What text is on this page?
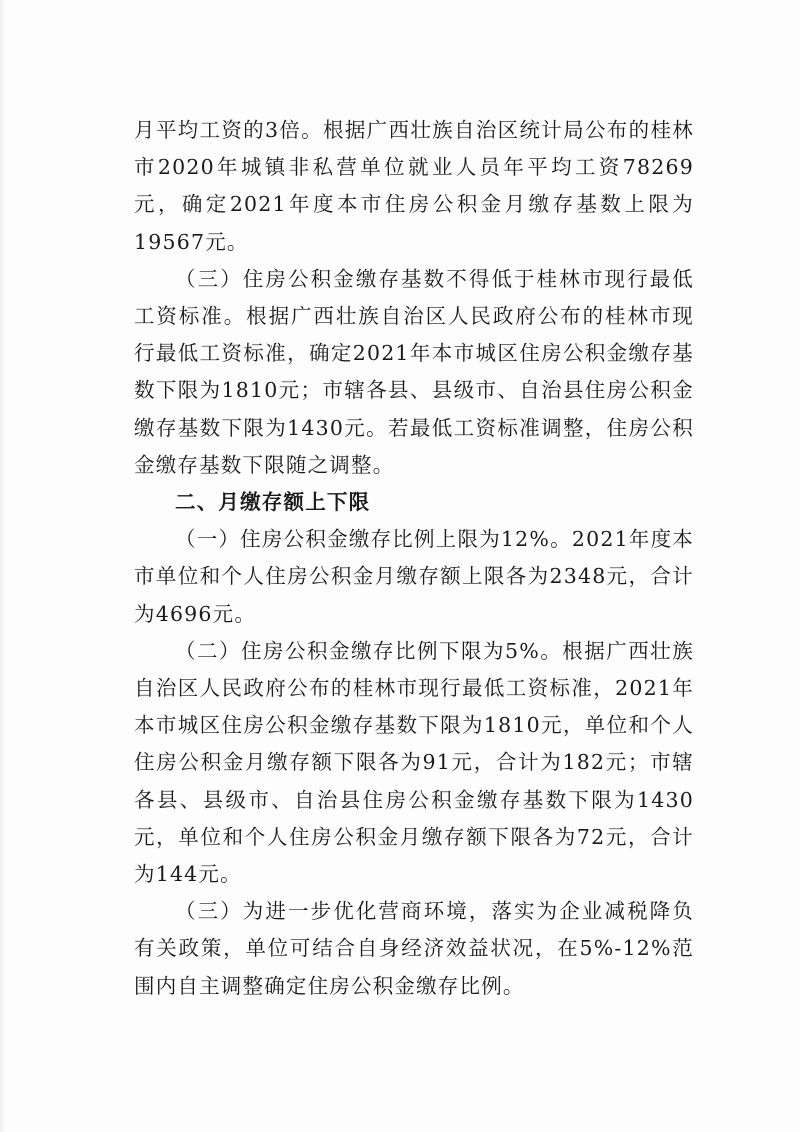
月平均工资的3倍。根据广西壮族自治区统计局公布的桂林市2020年城镇非私营单位就业人员年平均工资78269元，确定2021年度本市住房公积金月缴存基数上限为19567元。

（三）住房公积金缴存基数不得低于桂林市现行最低工资标准。根据广西壮族自治区人民政府公布的桂林市现行最低工资标准，确定2021年本市城区住房公积金缴存基数下限为1810元；市辖各县、县级市、自治县住房公积金缴存基数下限为1430元。若最低工资标准调整，住房公积金缴存基数下限随之调整。

二、月缴存额上下限

（一）住房公积金缴存比例上限为12%。2021年度本市单位和个人住房公积金月缴存额上限各为2348元，合计为4696元。

（二）住房公积金缴存比例下限为5%。根据广西壮族自治区人民政府公布的桂林市现行最低工资标准，2021年本市城区住房公积金缴存基数下限为1810元，单位和个人住房公积金月缴存额下限各为91元，合计为182元；市辖各县、县级市、自治县住房公积金缴存基数下限为1430元，单位和个人住房公积金月缴存额下限各为72元，合计为144元。

（三）为进一步优化营商环境，落实为企业减税降负有关政策，单位可结合自身经济效益状况，在5%-12%范围内自主调整确定住房公积金缴存比例。
